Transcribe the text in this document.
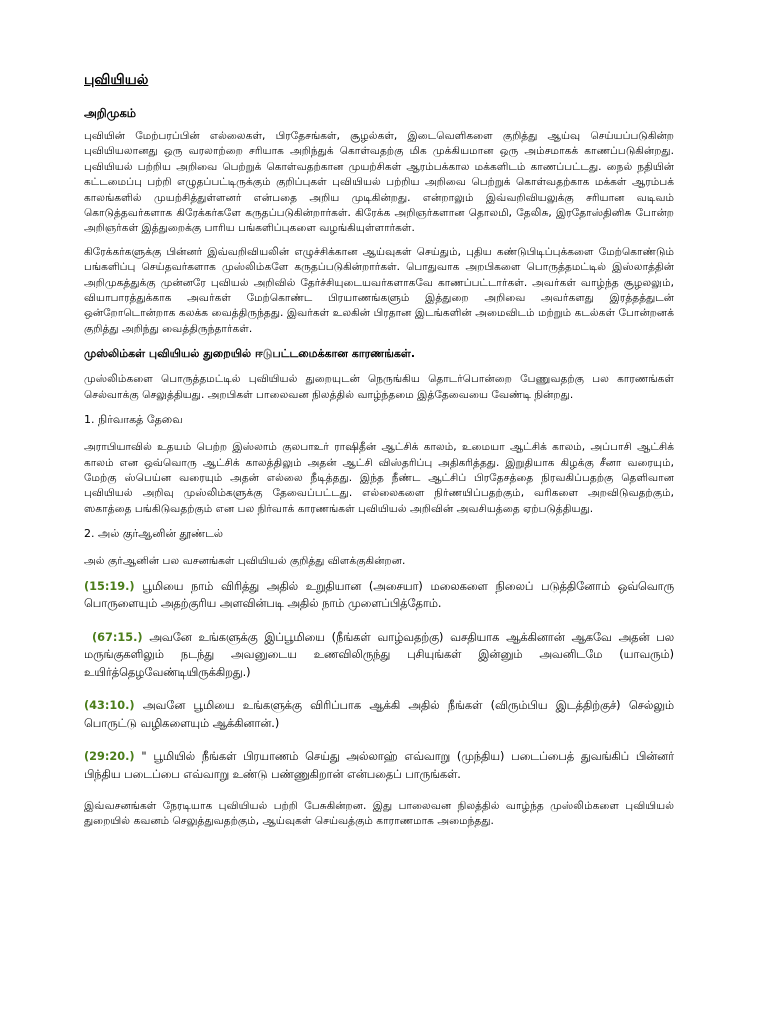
புவியியல்
அறிமுகம்

புவியின் மேற்பரப்பின் எல்லைகள், பிரதேசங்கள், சூழல்கள், இடைவெளிகளை குறித்து ஆய்வு செய்யப்படுகின்ற புவியியலானது ஒரு வரலாற்றை சரியாக அறிந்துக் கொள்வதற்கு மிக முக்கியமான ஒரு அம்சமாகக் காணப்படுகின்றது. புவியியல் பற்றிய அறிவை பெற்றுக் கொள்வதற்கான முயற்சிகள் ஆரம்பக்கால மக்களிடம் காணப்பட்டது. நைல் நதியின் கட்டமைப்பு பற்றி எழுதப்பட்டிருக்கும் குறிப்புகள் புவியியல் பற்றிய அறிவை பெற்றுக் கொள்வதற்காக மக்கள் ஆரம்பக் காலங்களில் முயற்சித்துள்ளனர் என்பதை அறிய முடிகின்றது. என்றாலும் இவ்வறிவியலுக்கு சரியான வடிவம் கொடுத்தவர்களாக கிரேக்கர்களே கருதப்படுகின்றார்கள். கிரேக்க அறிஞர்களான தொலமி, தேலிசு, இரதோஸ்தினிசு போன்ற அறிஞர்கள் இத்துறைக்கு பாரிய பங்களிப்புகளை வழங்கியுள்ளார்கள்.

கிரேக்கர்களுக்கு பின்னர் இவ்வறிவியலின் எழுச்சிக்கான ஆய்வுகள் செய்தும், புதிய கண்டுபிடிப்புக்களை மேற்கொண்டும் பங்களிப்பு செய்தவர்களாக முஸ்லிம்களே கருதப்படுகின்றார்கள். பொதுவாக அறபிகளை பொருத்தமட்டில் இஸ்லாத்தின் அறிமுகத்துக்கு முன்னரே புவியல் அறிவில் தேர்ச்சியுடையவர்களாகவே காணப்பட்டார்கள். அவர்கள் வாழ்ந்த சூழலலும், வியாபாரத்துக்காக அவர்கள் மேற்கொண்ட பிரயாணங்களும் இத்துறை அறிவை அவர்களது இரத்தத்துடன் ஒன்றோடொன்றாக கலக்க வைத்திருந்தது. இவர்கள் உலகின் பிரதான இடங்களின் அமைவிடம் மற்றும் கடல்கள் போன்றனக் குறித்து அறிந்து வைத்திருந்தார்கள்.

முஸ்லிம்கள் புவியியல் துறையில் ஈடுபட்டமைக்கான காரணங்கள்.

முஸ்லிம்களை பொருத்தமட்டில் புவியியல் துறையுடன் நெருங்கிய தொடர்பொன்றை பேணுவதற்கு பல காரணங்கள் செல்வாக்கு செலுத்தியது. அறபிகள் பாலைவன நிலத்தில் வாழ்ந்தமை இத்தேவையை வேண்டி நின்றது.

1. நிர்வாகத் தேவை

அராபியாவில் உதயம் பெற்ற இஸ்லாம் குலபாஉர் ராஷிதீன் ஆட்சிக் காலம், உமையா ஆட்சிக் காலம், அப்பாசி ஆட்சிக் காலம் என ஒவ்வொரு ஆட்சிக் காலத்திலும் அதன் ஆட்சி விஸ்தரிப்பு அதிகரித்தது. இறுதியாக கிழக்கு சீனா வரையும், மேற்கு ஸ்பெய்ன வரையும் அதன் எல்லை நீடித்தது. இந்த நீண்ட ஆட்சிப் பிரதேசத்தை நிரவகிப்பதற்கு தெளிவான புவியியல் அறிவு முஸ்லிம்களுக்கு தேவைப்பட்டது. எல்லைகளை நிர்ணயிப்பதற்கும், வரிகளை அறவிடுவதற்கும், ஸகாத்தை பங்கிடுவதற்கும் என பல நிர்வாக் காரணங்கள் புவியியல் அறிவின் அவசியத்தை ஏற்படுத்தியது.

2. அல் குர்ஆனின் தூண்டல்

அல் குர்ஆனின் பல வசனங்கள் புவியியல் குறித்து விளக்குகின்றன.

(15:19.) பூமியை நாம் விரித்து அதில் உறுதியான (அசையா) மலைகளை நிலைப் படுத்தினோம் ஒவ்வொரு பொருளையும் அதற்குரிய அளவின்படி அதில் நாம் முளைப்பித்தோம்.

(67:15.) அவனே உங்களுக்கு இப்பூமியை (நீங்கள் வாழ்வதற்கு) வசதியாக ஆக்கினான் ஆகவே அதன் பல மருங்குகளிலும் நடந்து அவனுடைய உணவிலிருந்து புசியுங்கள் இன்னும் அவனிடமே (யாவரும்) உயிர்த்தெழவேண்டியிருக்கிறது.)

(43:10.) அவனே பூமியை உங்களுக்கு விரிப்பாக ஆக்கி அதில் நீங்கள் (விரும்பிய இடத்திற்குச்) செல்லும் பொருட்டு வழிகளையும் ஆக்கினான்.)

(29:20.) " பூமியில் நீங்கள் பிரயாணம் செய்து அல்லாஹ் எவ்வாறு (முந்திய) படைப்பைத் துவங்கிப் பின்னர் பிந்திய படைப்பை எவ்வாறு உண்டு பண்ணுகிறான் என்பதைப் பாருங்கள்.

இவ்வசனங்கள் நேரடியாக புவியியல் பற்றி பேசுகின்றன. இது பாலைவன நிலத்தில் வாழ்ந்த முஸ்லிம்களை புவியியல் துறையில் கவனம் செலுத்துவதற்கும், ஆய்வுகள் செய்வத்கும் காராணமாக அமைந்தது.
